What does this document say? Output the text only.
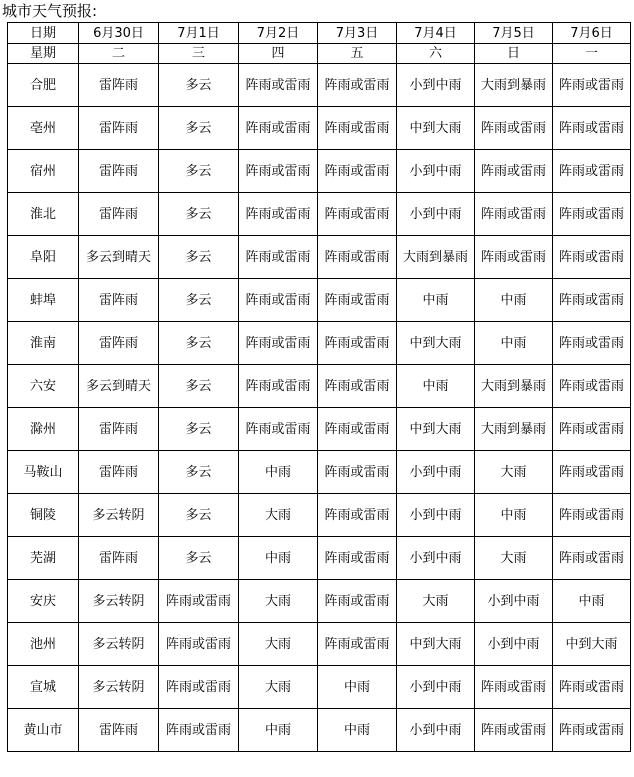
城市天气预报:
日期	6月30日	7月1日	7月2日	7月3日	7月4日	7月5日	7月6日
星期	二	三	四	五	六	日	一
合肥	雷阵雨	多云	阵雨或雷雨	阵雨或雷雨	小到中雨	大雨到暴雨	阵雨或雷雨
亳州	雷阵雨	多云	阵雨或雷雨	阵雨或雷雨	中到大雨	阵雨或雷雨	阵雨或雷雨
宿州	雷阵雨	多云	阵雨或雷雨	阵雨或雷雨	小到中雨	阵雨或雷雨	阵雨或雷雨
淮北	雷阵雨	多云	阵雨或雷雨	阵雨或雷雨	小到中雨	阵雨或雷雨	阵雨或雷雨
阜阳	多云到晴天	多云	阵雨或雷雨	阵雨或雷雨	大雨到暴雨	阵雨或雷雨	阵雨或雷雨
蚌埠	雷阵雨	多云	阵雨或雷雨	阵雨或雷雨	中雨	中雨	阵雨或雷雨
淮南	雷阵雨	多云	阵雨或雷雨	阵雨或雷雨	中到大雨	中雨	阵雨或雷雨
六安	多云到晴天	多云	阵雨或雷雨	阵雨或雷雨	中雨	大雨到暴雨	阵雨或雷雨
滁州	雷阵雨	多云	阵雨或雷雨	阵雨或雷雨	中到大雨	大雨到暴雨	阵雨或雷雨
马鞍山	雷阵雨	多云	中雨	阵雨或雷雨	小到中雨	大雨	阵雨或雷雨
铜陵	多云转阴	多云	大雨	阵雨或雷雨	小到中雨	中雨	阵雨或雷雨
芜湖	雷阵雨	多云	中雨	阵雨或雷雨	小到中雨	大雨	阵雨或雷雨
安庆	多云转阴	阵雨或雷雨	大雨	阵雨或雷雨	大雨	小到中雨	中雨
池州	多云转阴	阵雨或雷雨	大雨	阵雨或雷雨	中到大雨	小到中雨	中到大雨
宣城	多云转阴	阵雨或雷雨	大雨	中雨	小到中雨	阵雨或雷雨	阵雨或雷雨
黄山市	雷阵雨	阵雨或雷雨	中雨	中雨	小到中雨	阵雨或雷雨	阵雨或雷雨
